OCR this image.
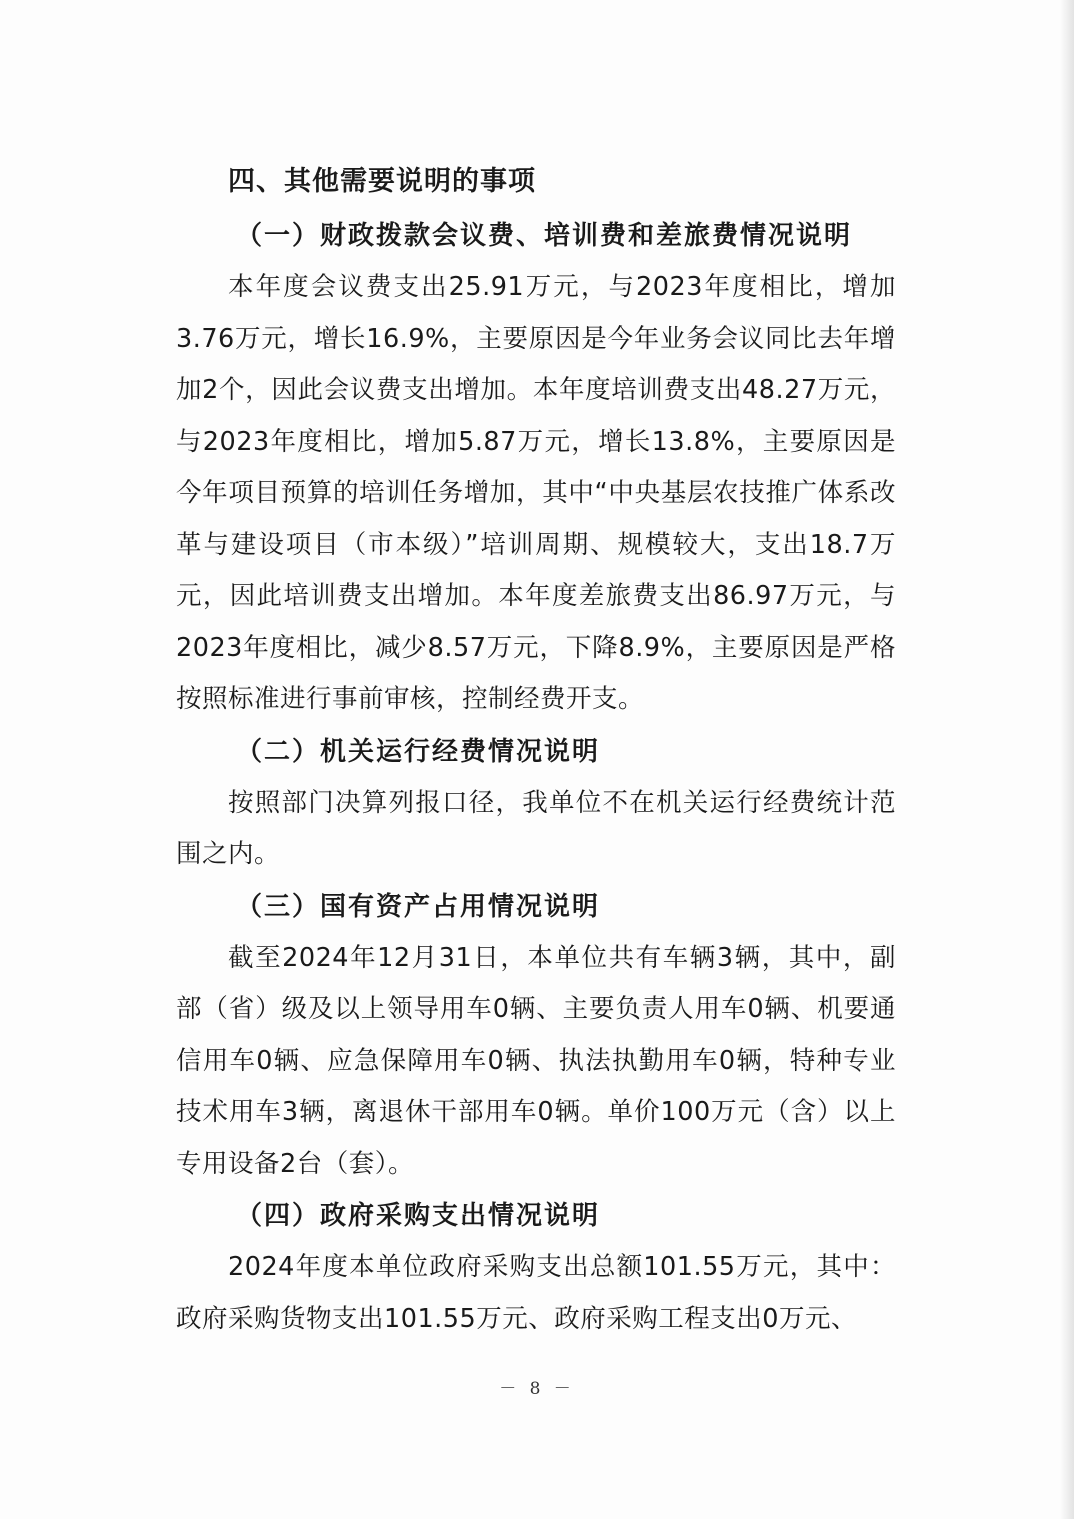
四、其他需要说明的事项
（一）财政拨款会议费、培训费和差旅费情况说明

本年度会议费支出25.91万元，与2023年度相比，增加3.76万元，增长16.9%，主要原因是今年业务会议同比去年增加2个，因此会议费支出增加。本年度培训费支出48.27万元，与2023年度相比，增加5.87万元，增长13.8%，主要原因是今年项目预算的培训任务增加，其中“中央基层农技推广体系改革与建设项目（市本级）”培训周期、规模较大，支出18.7万元，因此培训费支出增加。本年度差旅费支出86.97万元，与2023年度相比，减少8.57万元，下降8.9%，主要原因是严格按照标准进行事前审核，控制经费开支。

（二）机关运行经费情况说明

按照部门决算列报口径，我单位不在机关运行经费统计范围之内。

（三）国有资产占用情况说明

截至2024年12月31日，本单位共有车辆3辆，其中，副部（省）级及以上领导用车0辆、主要负责人用车0辆、机要通信用车0辆、应急保障用车0辆、执法执勤用车0辆，特种专业技术用车3辆，离退休干部用车0辆。单价100万元（含）以上专用设备2台（套）。

（四）政府采购支出情况说明

2024年度本单位政府采购支出总额101.55万元，其中：政府采购货物支出101.55万元、政府采购工程支出0万元、

－ 8 －
